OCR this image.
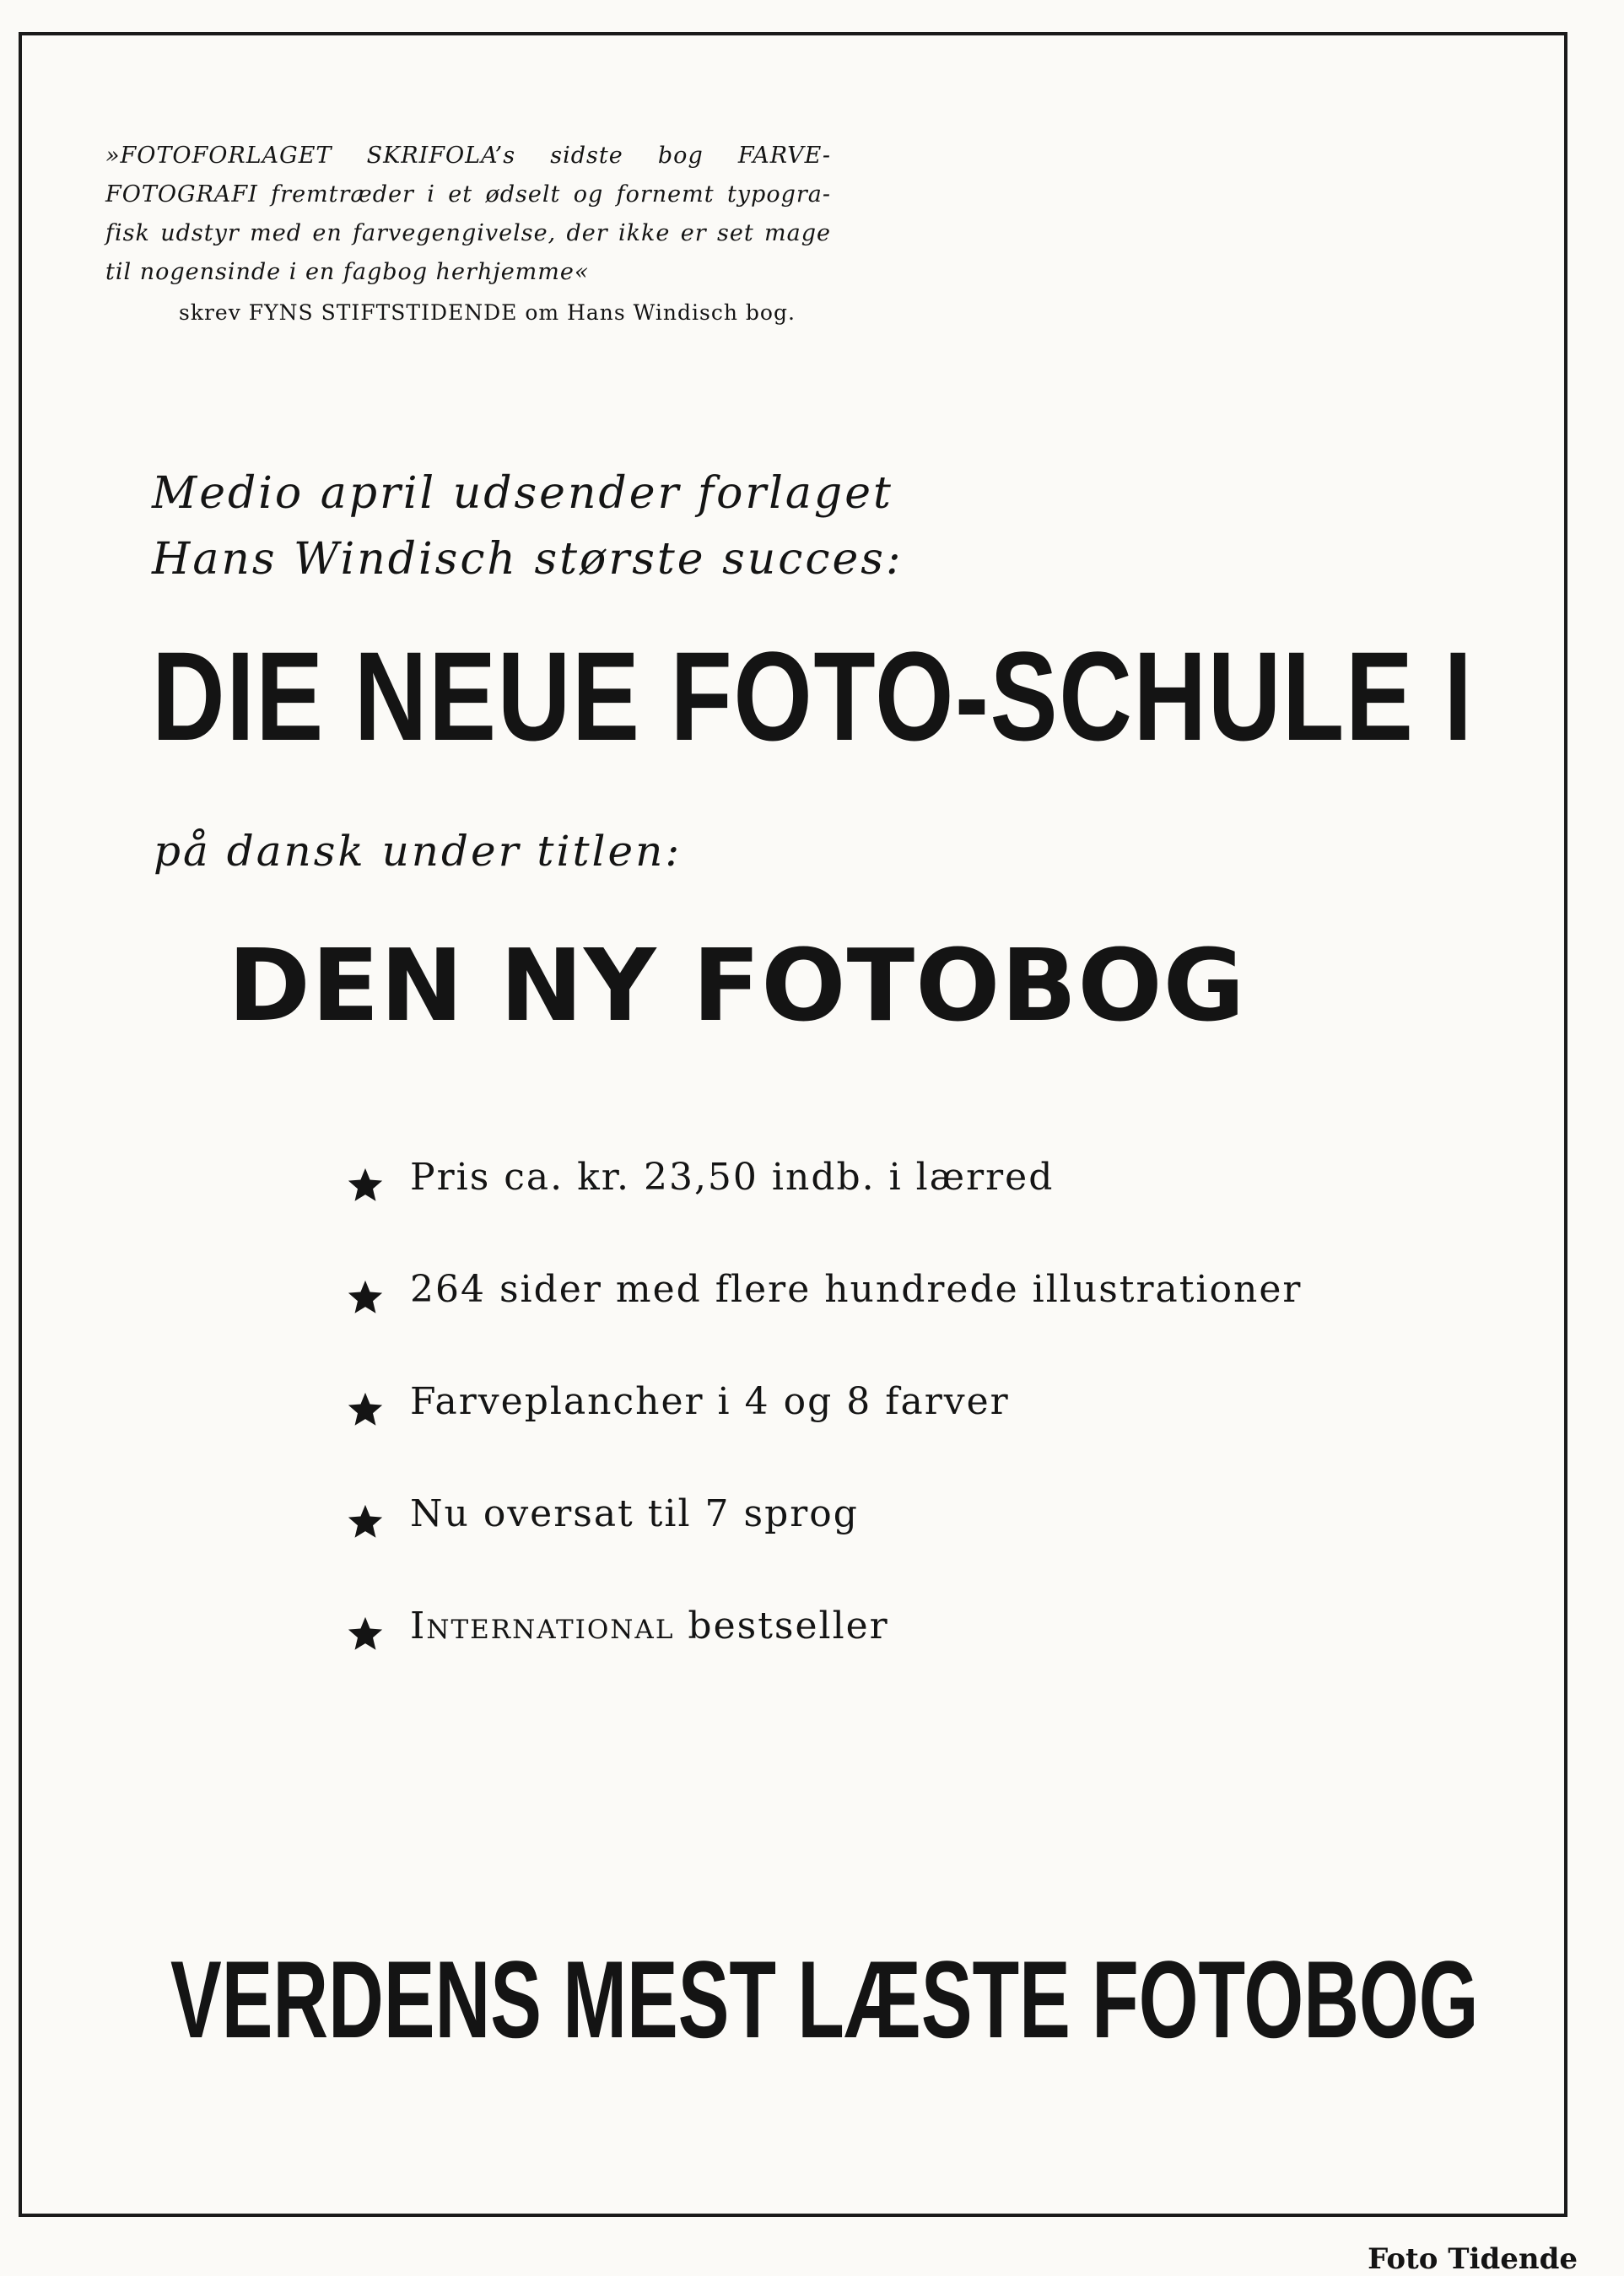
»FOTOFORLAGET SKRIFOLA’s sidste bog FARVE-
FOTOGRAFI fremtræder i et ødselt og fornemt typogra-
fisk udstyr med en farvegengivelse, der ikke er set mage
til nogensinde i en fagbog herhjemme«
skrev FYNS STIFTSTIDENDE om Hans Windisch bog.
Medio april udsender forlaget
Hans Windisch største succes:
DIE NEUE FOTO-SCHULE I
på dansk under titlen:
DEN NY FOTOBOG
Pris ca. kr. 23,50 indb. i lærred
264 sider med flere hundrede illustrationer
Farveplancher i 4 og 8 farver
Nu oversat til 7 sprog
International
bestseller
VERDENS MEST LÆSTE FOTOBOG
Foto Tidende
